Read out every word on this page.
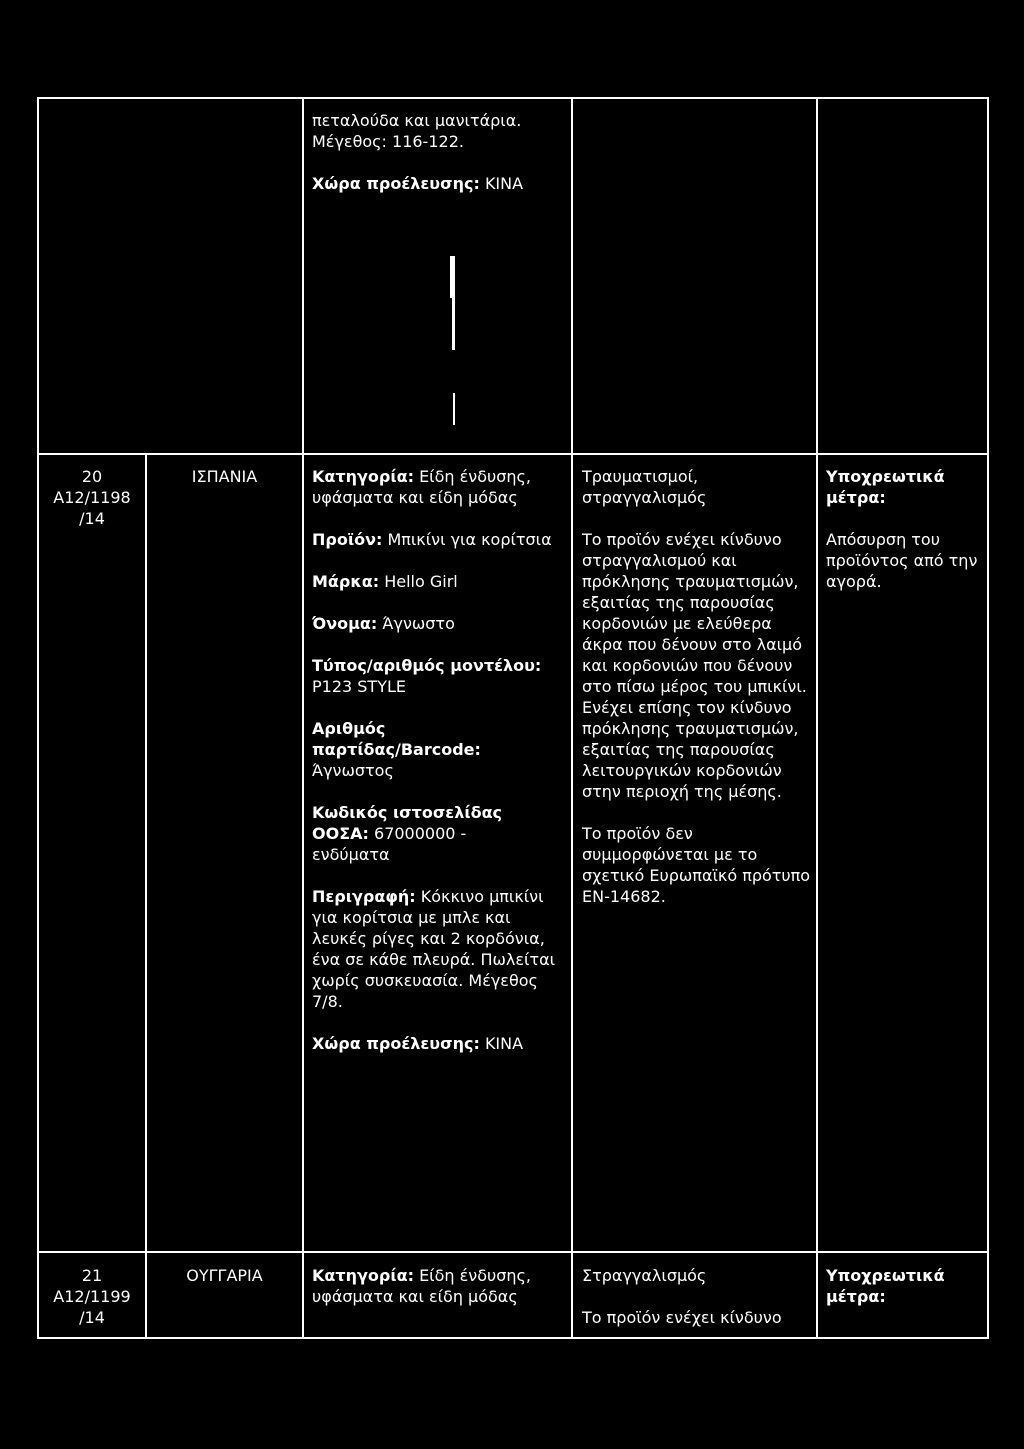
πεταλούδα και μανιτάρια.
Μέγεθος: 116-122.
Χώρα προέλευσης: ΚΙΝΑ
20
A12/1198
/14
ΙΣΠΑΝΙΑ	Κατηγορία: Είδη ένδυσης, υφάσματα και είδη μόδας
Προϊόν: Μπικίνι για κορίτσια
Μάρκα: Hello Girl
Όνομα: Άγνωστο
Τύπος/αριθμός μοντέλου: P123 STYLE
Αριθμός παρτίδας/Barcode: Άγνωστος
Κωδικός ιστοσελίδας ΟΟΣΑ: 67000000 - ενδύματα
Περιγραφή: Κόκκινο μπικίνι για κορίτσια με μπλε και λευκές ρίγες και 2 κορδόνια, ένα σε κάθε πλευρά. Πωλείται χωρίς συσκευασία. Μέγεθος 7/8.
Χώρα προέλευσης: ΚΙΝΑ
Τραυματισμοί, στραγγαλισμός
Το προϊόν ενέχει κίνδυνο στραγγαλισμού και πρόκλησης τραυματισμών, εξαιτίας της παρουσίας κορδονιών με ελεύθερα άκρα που δένουν στο λαιμό και κορδονιών που δένουν στο πίσω μέρος του μπικίνι. Ενέχει επίσης τον κίνδυνο πρόκλησης τραυματισμών, εξαιτίας της παρουσίας λειτουργικών κορδονιών στην περιοχή της μέσης.
Το προϊόν δεν συμμορφώνεται με το σχετικό Ευρωπαϊκό πρότυπο EN-14682.
Υποχρεωτικά μέτρα:
Απόσυρση του προϊόντος από την αγορά.
21
A12/1199
/14
ΟΥΓΓΑΡΙΑ	Κατηγορία: Είδη ένδυσης, υφάσματα και είδη μόδας
Στραγγαλισμός
Το προϊόν ενέχει κίνδυνο
Υποχρεωτικά μέτρα:
